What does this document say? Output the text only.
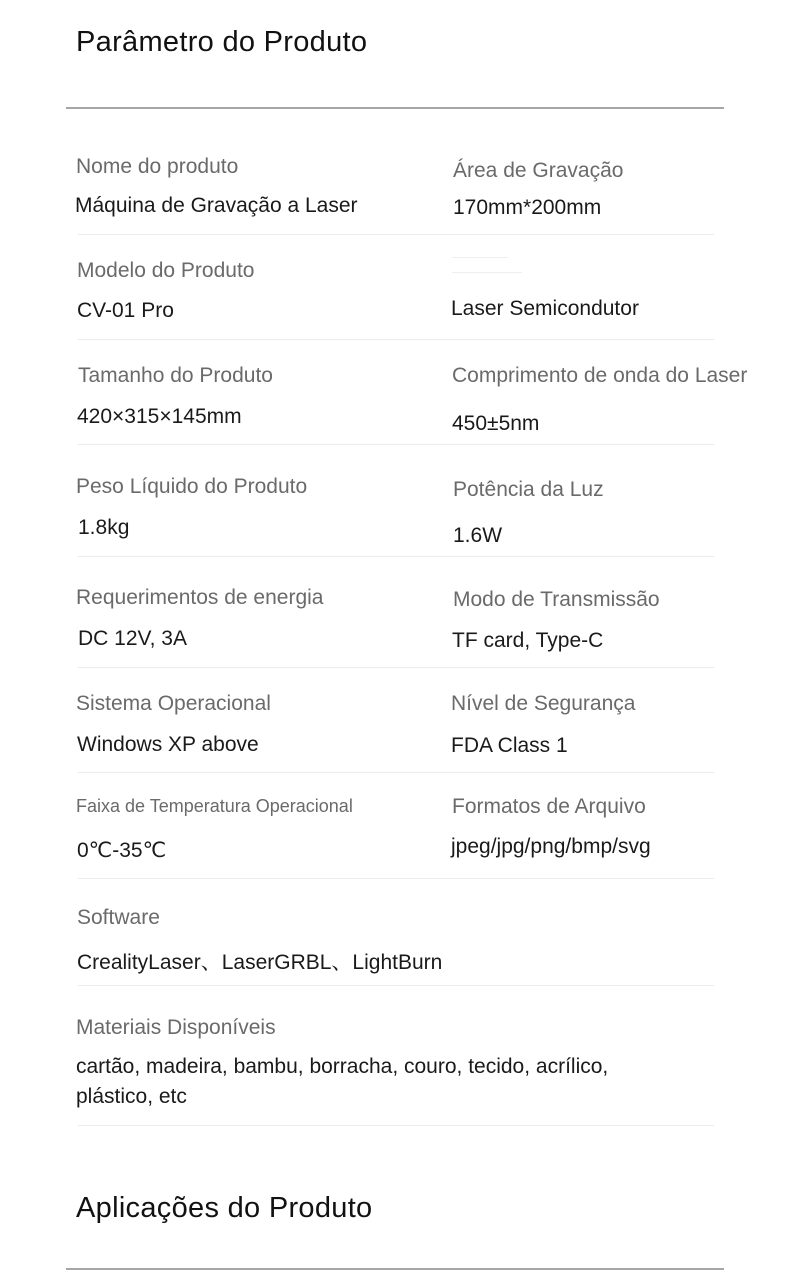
Parâmetro do Produto
Nome do produto
Máquina de Gravação a Laser
Área de Gravação
170mm*200mm
Modelo do Produto
CV-01 Pro	Laser Semicondutor
Tamanho do Produto
420×315×145mm
Comprimento de onda do Laser
450±5nm
Peso Líquido do Produto
1.8kg
Potência da Luz
1.6W
Requerimentos de energia
DC 12V, 3A
Modo de Transmissão
TF card, Type-C
Sistema Operacional
Windows XP above
Nível de Segurança
FDA Class 1
Faixa de Temperatura Operacional
0℃-35℃
Formatos de Arquivo
jpeg/jpg/png/bmp/svg
Software
CrealityLaser、LaserGRBL、LightBurn
Materiais Disponíveis
cartão, madeira, bambu, borracha, couro, tecido, acrílico, plástico, etc
Aplicações do Produto
